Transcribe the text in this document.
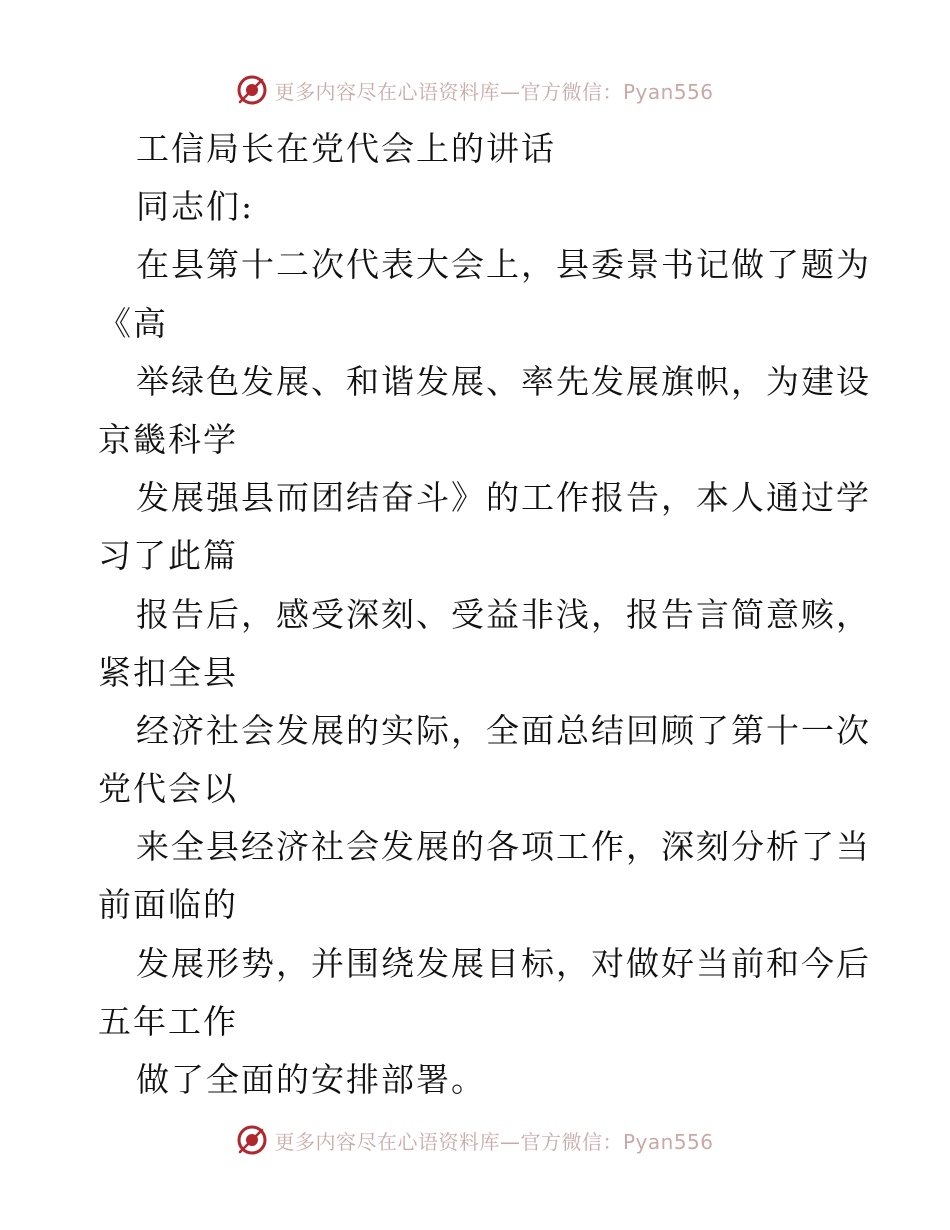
更多内容尽在心语资料库—官方微信：Pyan556
工信局长在党代会上的讲话
同志们:
在县第十二次代表大会上，县委景书记做了题为
《高
举绿色发展、和谐发展、率先发展旗帜，为建设
京畿科学
发展强县而团结奋斗》的工作报告，本人通过学
习了此篇
报告后，感受深刻、受益非浅，报告言简意赅，
紧扣全县
经济社会发展的实际，全面总结回顾了第十一次
党代会以
来全县经济社会发展的各项工作，深刻分析了当
前面临的
发展形势，并围绕发展目标，对做好当前和今后
五年工作
做了全面的安排部署。
更多内容尽在心语资料库—官方微信：Pyan556
